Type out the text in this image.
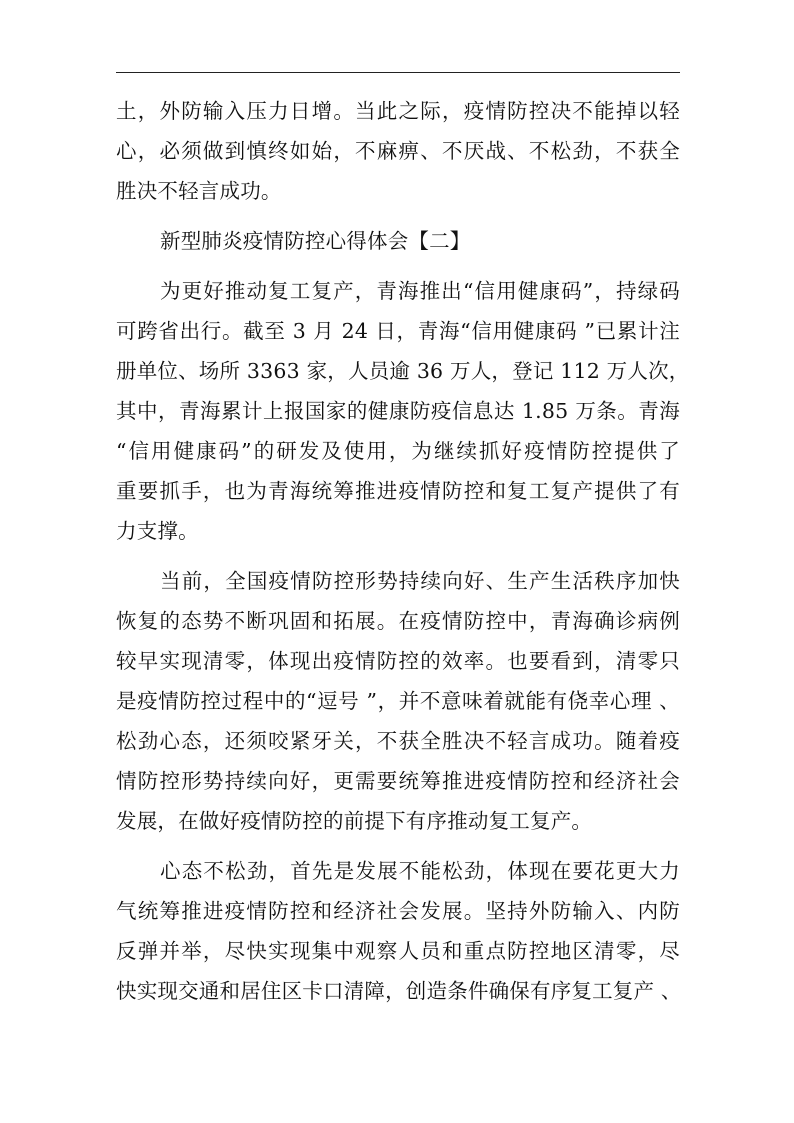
土，外防输入压力日增。当此之际，疫情防控决不能掉以轻
心，必须做到慎终如始，不麻痹、不厌战、不松劲，不获全
胜决不轻言成功。
新型肺炎疫情防控心得体会【二】
为更好推动复工复产，青海推出“信用健康码”，持绿码
可跨省出行。截至 3 月 24 日，青海“信用健康码 ”已累计注
册单位、场所 3363 家，人员逾 36 万人，登记 112 万人次，
其中，青海累计上报国家的健康防疫信息达 1.85 万条。青海
“信用健康码”的研发及使用，为继续抓好疫情防控提供了
重要抓手，也为青海统筹推进疫情防控和复工复产提供了有
力支撑。
当前，全国疫情防控形势持续向好、生产生活秩序加快
恢复的态势不断巩固和拓展。在疫情防控中，青海确诊病例
较早实现清零，体现出疫情防控的效率。也要看到，清零只
是疫情防控过程中的“逗号 ”，并不意味着就能有侥幸心理 、
松劲心态，还须咬紧牙关，不获全胜决不轻言成功。随着疫
情防控形势持续向好，更需要统筹推进疫情防控和经济社会
发展，在做好疫情防控的前提下有序推动复工复产。
心态不松劲，首先是发展不能松劲，体现在要花更大力
气统筹推进疫情防控和经济社会发展。坚持外防输入、内防
反弹并举，尽快实现集中观察人员和重点防控地区清零，尽
快实现交通和居住区卡口清障，创造条件确保有序复工复产 、
